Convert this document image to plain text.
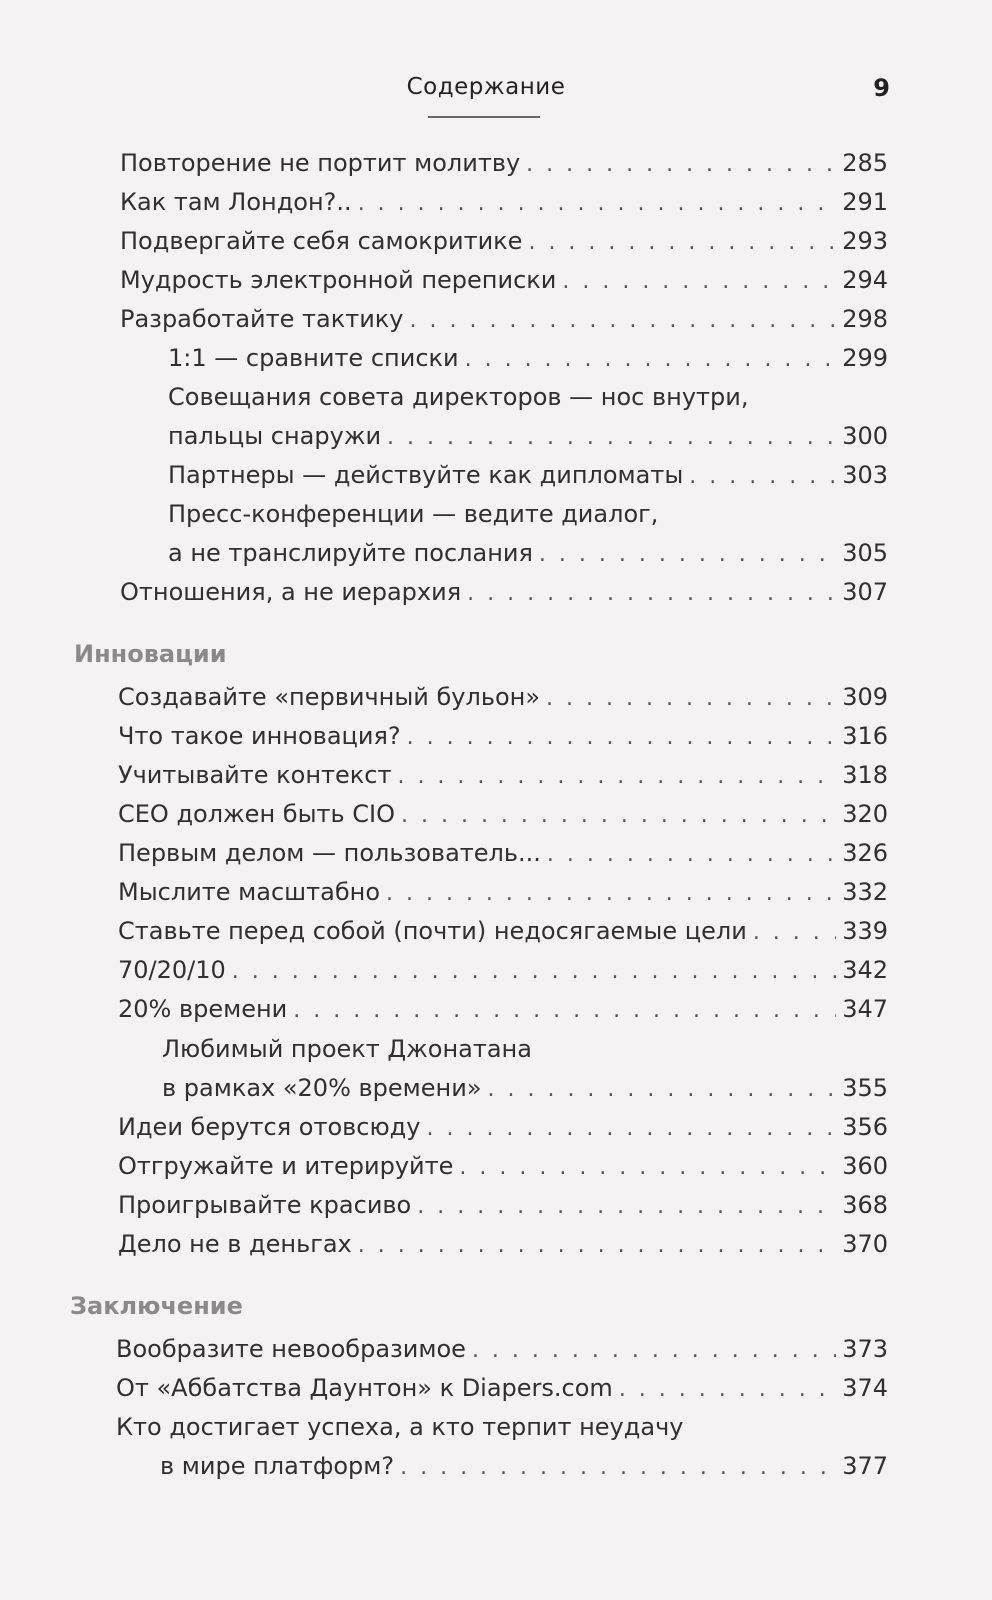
Содержание	9
Повторение не портит молитву . . .	285
Как там Лондон?.. . . .	291
Подвергайте себя самокритике . . .	293
Мудрость электронной переписки . . .	294
Разработайте тактику . . .	298
1:1 — сравните списки . . .	299
Совещания совета директоров — нос внутри,
пальцы снаружи . . .	300
Партнеры — действуйте как дипломаты . . .	303
Пресс-конференции — ведите диалог,
а не транслируйте послания . . .	305
Отношения, а не иерархия . . .	307
Инновации
Создавайте «первичный бульон» . . .	309
Что такое инновация? . . .	316
Учитывайте контекст . . .	318
CEO должен быть CIO . . .	320
Первым делом — пользователь... . . .	326
Мыслите масштабно . . .	332
Ставьте перед собой (почти) недосягаемые цели . . .	339
70/20/10 . . .	342
20% времени . . .	347
Любимый проект Джонатана
в рамках «20% времени» . . .	355
Идеи берутся отовсюду . . .	356
Отгружайте и итерируйте . . .	360
Проигрывайте красиво . . .	368
Дело не в деньгах . . .	370
Заключение
Вообразите невообразимое . . .	373
От «Аббатства Даунтон» к Diapers.com . . .	374
Кто достигает успеха, а кто терпит неудачу
в мире платформ? . . .	377
